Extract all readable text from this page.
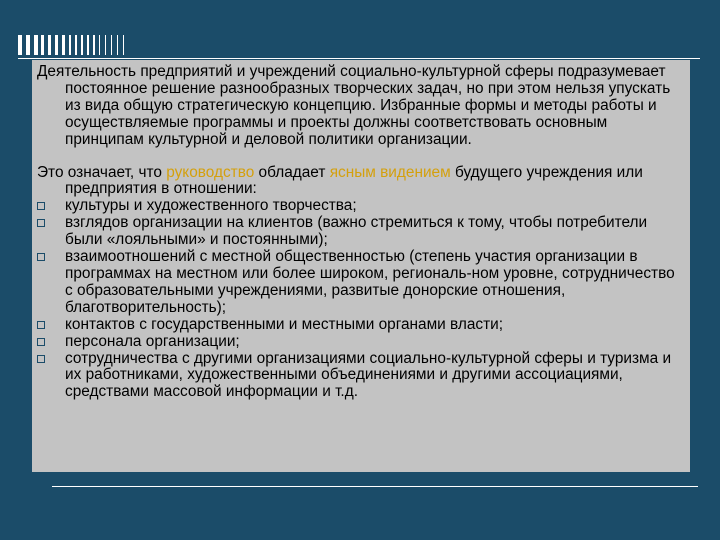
Деятельность предприятий и учреждений социально-культурной сферы подразумевает постоянное решение разнообразных творческих задач, но при этом нельзя упускать из вида общую стратегическую концепцию. Избранные формы и методы работы и осуществляемые программы и проекты должны соответствовать основным принципам культурной и деловой политики организации.

Это означает, что руководство обладает ясным видением будущего учреждения или предприятия в отношении:

культуры и художественного творчества;
взглядов организации на клиентов (важно стремиться к тому, чтобы потребители были «лояльными» и постоянными);
взаимоотношений с местной общественностью (степень участия организации в программах на местном или более широком, региональ-ном уровне, сотрудничество с образовательными учреждениями, развитые донорские отношения, благотворительность);
контактов с государственными и местными органами власти;
персонала организации;
сотрудничества с другими организациями социально-культурной сферы и туризма и их работниками, художественными объединениями и другими ассоциациями, средствами массовой информации и т.д.
